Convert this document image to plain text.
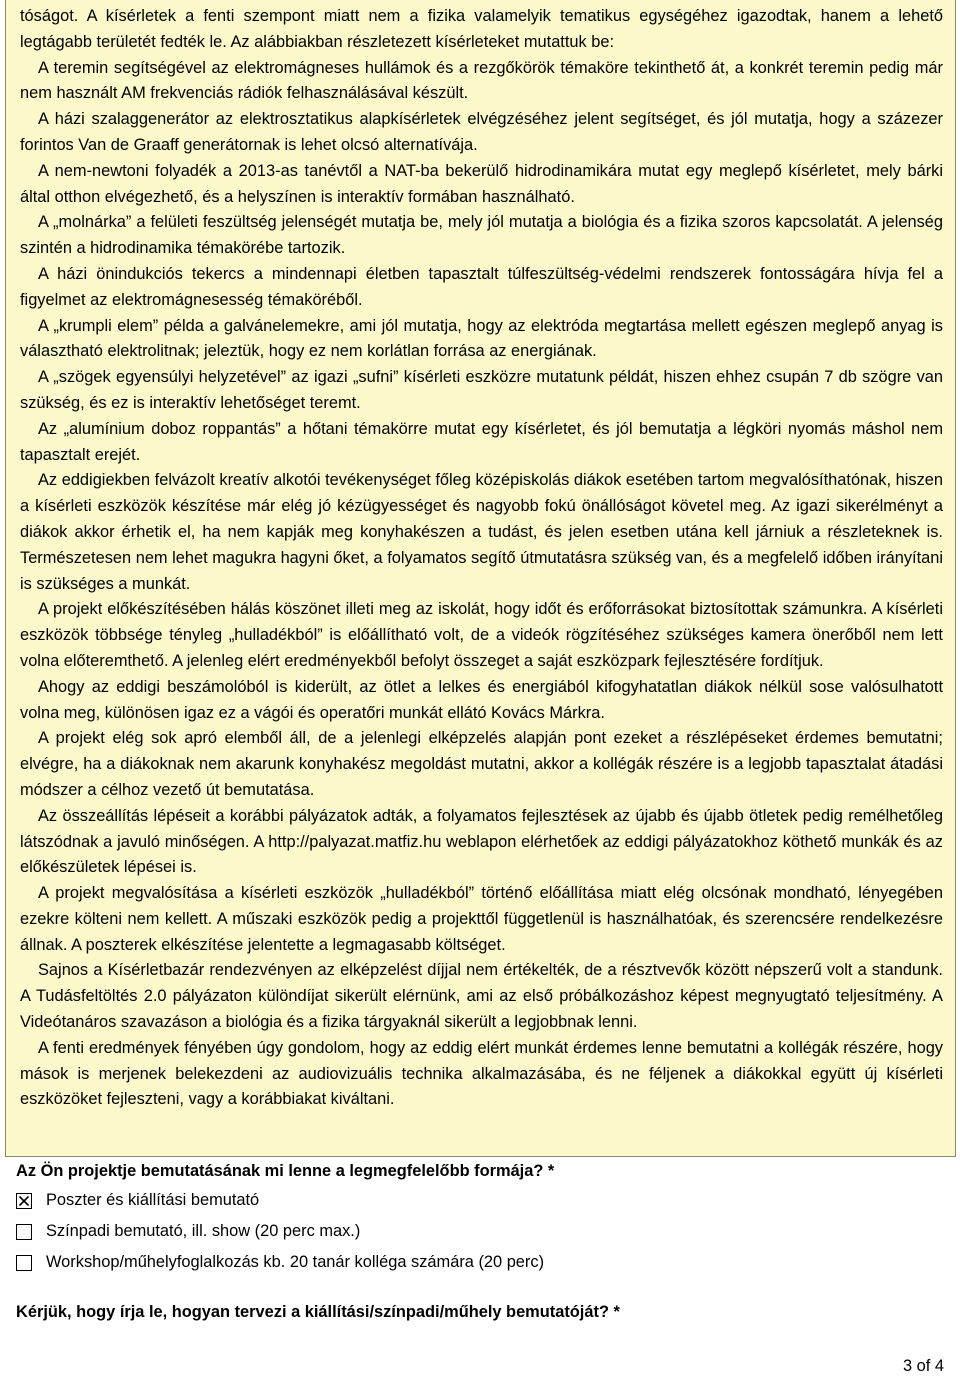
tóságot. A kísérletek a fenti szempont miatt nem a fizika valamelyik tematikus egységéhez igazodtak, hanem a lehető legtágabb területét fedték le. Az alábbiakban részletezett kísérleteket mutattuk be:

A teremin segítségével az elektromágneses hullámok és a rezgőkörök témaköre tekinthető át, a konkrét teremin pedig már nem használt AM frekvenciás rádiók felhasználásával készült.

A házi szalaggenerátor az elektrosztatikus alapkísérletek elvégzéséhez jelent segítséget, és jól mutatja, hogy a százezer forintos Van de Graaff generátornak is lehet olcsó alternatívája.

A nem-newtoni folyadék a 2013-as tanévtől a NAT-ba bekerülő hidrodinamikára mutat egy meglepő kísérletet, mely bárki által otthon elvégezhető, és a helyszínen is interaktív formában használható.

A „molnárka” a felületi feszültség jelenségét mutatja be, mely jól mutatja a biológia és a fizika szoros kapcsolatát. A jelenség szintén a hidrodinamika témakörébe tartozik.

A házi önindukciós tekercs a mindennapi életben tapasztalt túlfeszültség-védelmi rendszerek fontosságára hívja fel a figyelmet az elektromágnesesség témaköréből.

A „krumpli elem” példa a galvánelemekre, ami jól mutatja, hogy az elektróda megtartása mellett egészen meglepő anyag is választható elektrolitnak; jeleztük, hogy ez nem korlátlan forrása az energiának.

A „szögek egyensúlyi helyzetével” az igazi „sufni” kísérleti eszközre mutatunk példát, hiszen ehhez csupán 7 db szögre van szükség, és ez is interaktív lehetőséget teremt.

Az „alumínium doboz roppantás” a hőtani témakörre mutat egy kísérletet, és jól bemutatja a légköri nyomás máshol nem tapasztalt erejét.

Az eddigiekben felvázolt kreatív alkotói tevékenységet főleg középiskolás diákok esetében tartom megvalósíthatónak, hiszen a kísérleti eszközök készítése már elég jó kézügyességet és nagyobb fokú önállóságot követel meg. Az igazi sikerélményt a diákok akkor érhetik el, ha nem kapják meg konyhakészen a tudást, és jelen esetben utána kell járniuk a részleteknek is. Természetesen nem lehet magukra hagyni őket, a folyamatos segítő útmutatásra szükség van, és a megfelelő időben irányítani is szükséges a munkát.

A projekt előkészítésében hálás köszönet illeti meg az iskolát, hogy időt és erőforrásokat biztosítottak számunkra. A kísérleti eszközök többsége tényleg „hulladékból” is előállítható volt, de a videók rögzítéséhez szükséges kamera önerőből nem lett volna előteremthető. A jelenleg elért eredményekből befolyt összeget a saját eszközpark fejlesztésére fordítjuk.

Ahogy az eddigi beszámolóból is kiderült, az ötlet a lelkes és energiából kifogyhatatlan diákok nélkül sose valósulhatott volna meg, különösen igaz ez a vágói és operatőri munkát ellátó Kovács Márkra.

A projekt elég sok apró elemből áll, de a jelenlegi elképzelés alapján pont ezeket a részlépéseket érdemes bemutatni; elvégre, ha a diákoknak nem akarunk konyhakész megoldást mutatni, akkor a kollégák részére is a legjobb tapasztalat átadási módszer a célhoz vezető út bemutatása.

Az összeállítás lépéseit a korábbi pályázatok adták, a folyamatos fejlesztések az újabb és újabb ötletek pedig remélhetőleg látszódnak a javuló minőségen. A http://palyazat.matfiz.hu weblapon elérhetőek az eddigi pályázatokhoz köthető munkák és az előkészületek lépései is.

A projekt megvalósítása a kísérleti eszközök „hulladékból” történő előállítása miatt elég olcsónak mondható, lényegében ezekre költeni nem kellett. A műszaki eszközök pedig a projekttől függetlenül is használhatóak, és szerencsére rendelkezésre állnak. A poszterek elkészítése jelentette a legmagasabb költséget.

Sajnos a Kísérletbazár rendezvényen az elképzelést díjjal nem értékelték, de a résztvevők között népszerű volt a standunk. A Tudásfeltöltés 2.0 pályázaton különdíjat sikerült elérnünk, ami az első próbálkozáshoz képest megnyugtató teljesítmény. A Videótanáros szavazáson a biológia és a fizika tárgyaknál sikerült a legjobbnak lenni.

A fenti eredmények fényében úgy gondolom, hogy az eddig elért munkát érdemes lenne bemutatni a kollégák részére, hogy mások is merjenek belekezdeni az audiovizuális technika alkalmazásába, és ne féljenek a diákokkal együtt új kísérleti eszközöket fejleszteni, vagy a korábbiakat kiváltani.

Az Ön projektje bemutatásának mi lenne a legmegfelelőbb formája? *
Poszter és kiállítási bemutató
Színpadi bemutató, ill. show (20 perc max.)
Workshop/műhelyfoglalkozás kb. 20 tanár kollégа számára (20 perc)
Kérjük, hogy írja le, hogyan tervezi a kiállítási/színpadi/műhely bemutatóját? *
3 of 4
